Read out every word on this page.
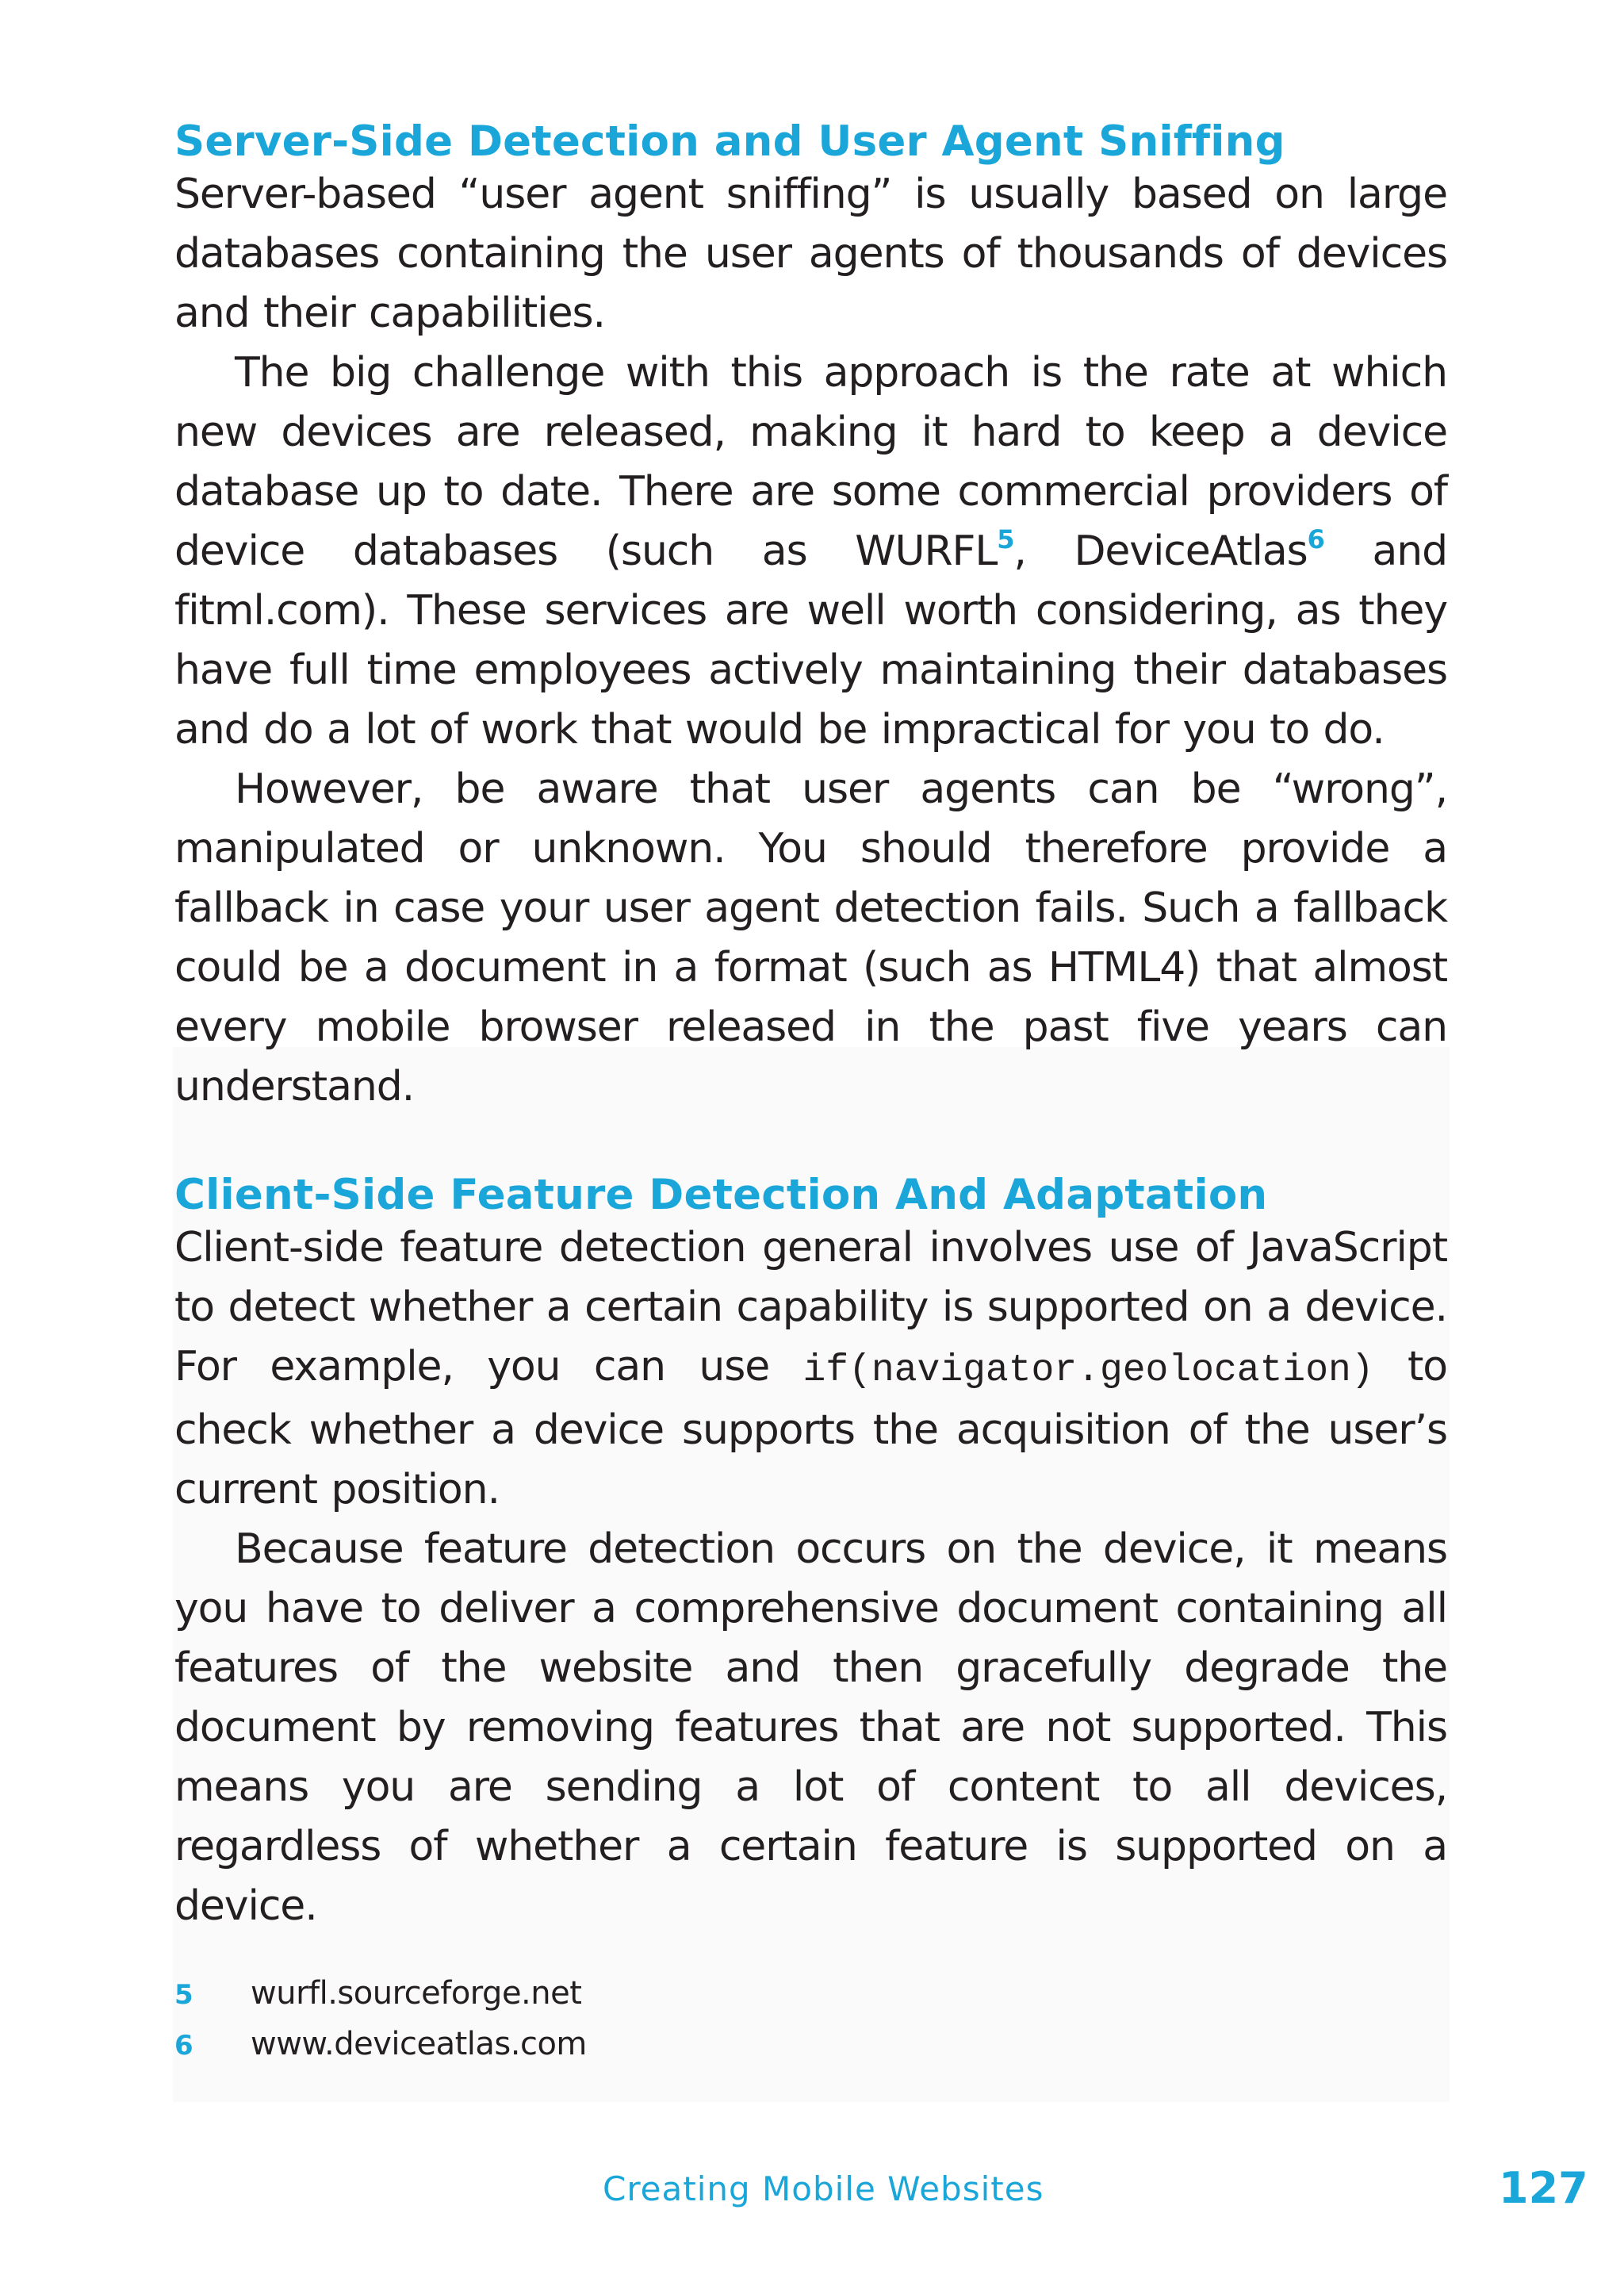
Server-Side Detection and User Agent Sniffing

Server-based “user agent sniffing” is usually based on large databases containing the user agents of thousands of devices and their capabilities.

The big challenge with this approach is the rate at which new devices are released, making it hard to keep a device database up to date. There are some commercial providers of device databases (such as WURFL$^5$, DeviceAtlas$^6$ and fitml.com). These services are well worth considering, as they have full time employees actively maintaining their databases and do a lot of work that would be impractical for you to do.

However, be aware that user agents can be “wrong”, manipulated or unknown. You should therefore provide a fallback in case your user agent detection fails. Such a fallback could be a document in a format (such as HTML4) that almost every mobile browser released in the past five years can understand.

Client-Side Feature Detection And Adaptation

Client-side feature detection general involves use of JavaScript to detect whether a certain capability is supported on a device. For example, you can use if(navigator.geolocation) to check whether a device supports the acquisition of the user’s current position.

Because feature detection occurs on the device, it means you have to deliver a comprehensive document containing all features of the website and then gracefully degrade the document by removing features that are not supported. This means you are sending a lot of content to all devices, regardless of whether a certain feature is supported on a device.

5	wurfl.sourceforge.net
6	www.deviceatlas.com
Creating Mobile Websites	127
